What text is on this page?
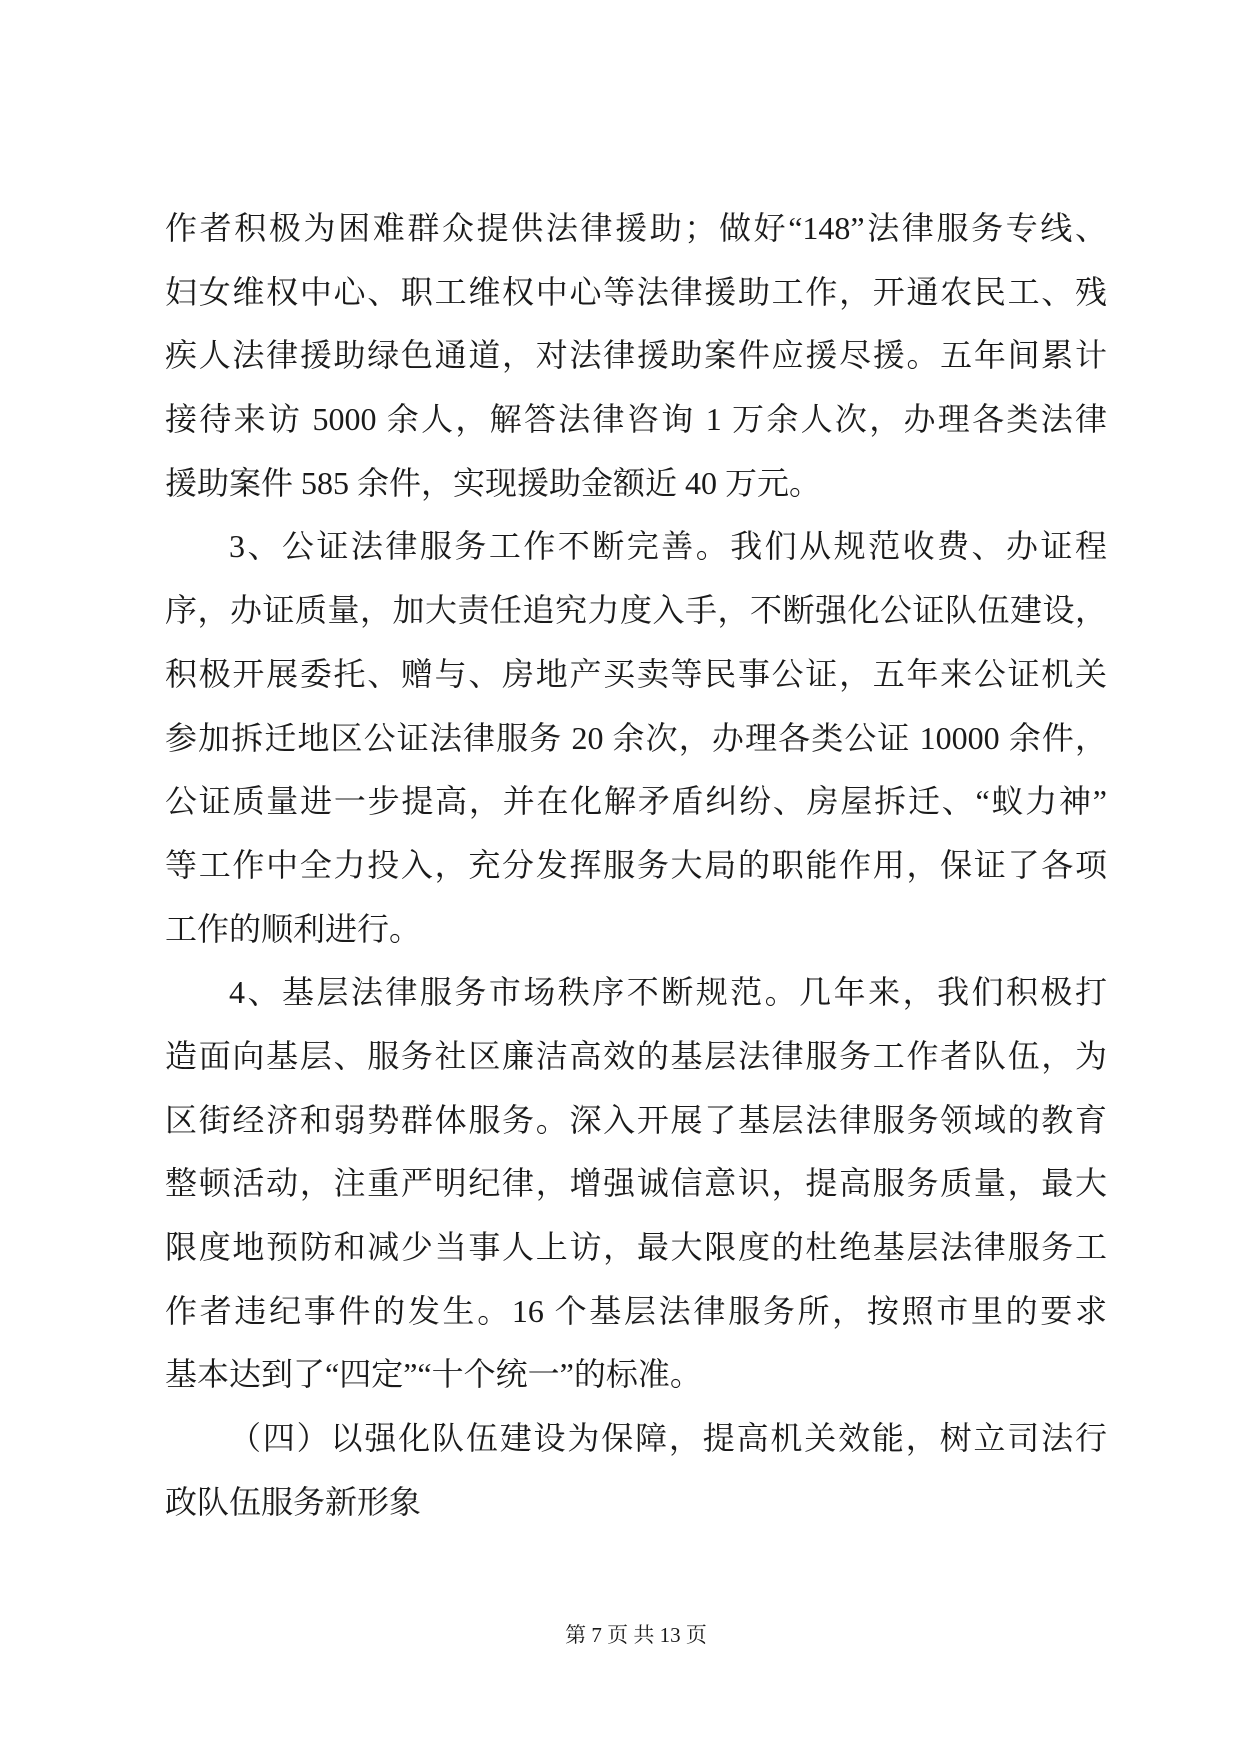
作者积极为困难群众提供法律援助；做好“148”法律服务专线、
妇女维权中心、职工维权中心等法律援助工作，开通农民工、残
疾人法律援助绿色通道，对法律援助案件应援尽援。五年间累计
接待来访 5000 余人，解答法律咨询 1 万余人次，办理各类法律
援助案件 585 余件，实现援助金额近 40 万元。
3、公证法律服务工作不断完善。我们从规范收费、办证程
序，办证质量，加大责任追究力度入手，不断强化公证队伍建设，
积极开展委托、赠与、房地产买卖等民事公证，五年来公证机关
参加拆迁地区公证法律服务 20 余次，办理各类公证 10000 余件，
公证质量进一步提高，并在化解矛盾纠纷、房屋拆迁、“蚁力神”
等工作中全力投入，充分发挥服务大局的职能作用，保证了各项
工作的顺利进行。
4、基层法律服务市场秩序不断规范。几年来，我们积极打
造面向基层、服务社区廉洁高效的基层法律服务工作者队伍，为
区街经济和弱势群体服务。深入开展了基层法律服务领域的教育
整顿活动，注重严明纪律，增强诚信意识，提高服务质量，最大
限度地预防和减少当事人上访，最大限度的杜绝基层法律服务工
作者违纪事件的发生。16 个基层法律服务所，按照市里的要求
基本达到了“四定”“十个统一”的标准。
（四）以强化队伍建设为保障，提高机关效能，树立司法行
政队伍服务新形象
第 7 页 共 13 页
